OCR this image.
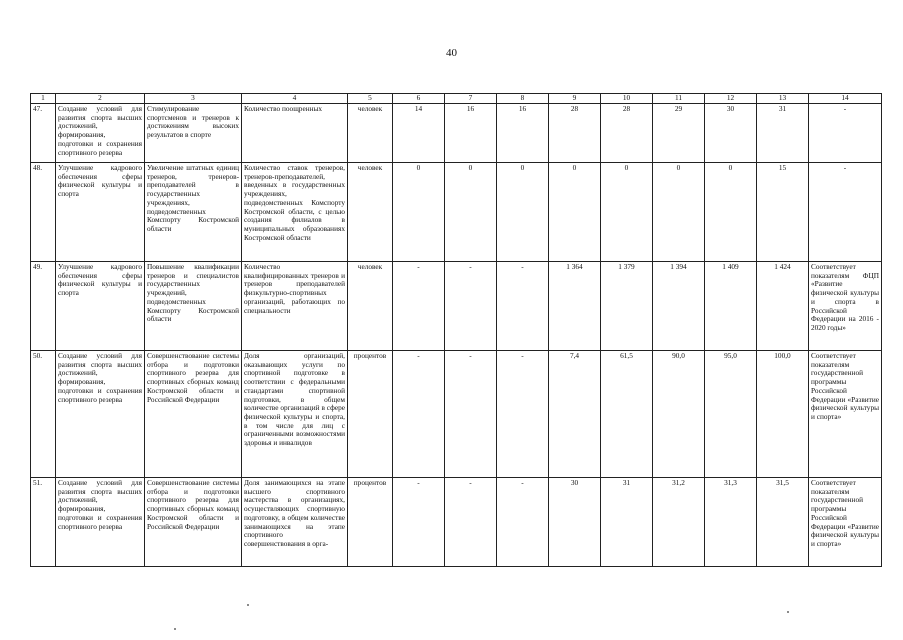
40
1	2	3	4	5	6	7	8	9	10	11	12	13	14
47.	Создание условий для развития спорта высших достижений, формирования, подготовки и сохранения спортивного резерва	Стимулирование спортсменов и тренеров к достижениям высоких результатов в спорте	Количество поощренных	человек	14	16	16	28	28	29	30	31	-
48.	Улучшение кадрового обеспечения сферы физической культуры и спорта	Увеличение штатных единиц тренеров, тренеров-преподавателей в государственных учреждениях, подведомственных Комспорту Костромской области	Количество ставок тренеров, тренеров-преподавателей, введенных в государственных учреждениях, подведомственных Комспорту Костромской области, с целью создания филиалов в муниципальных образованиях Костромской области	человек	0	0	0	0	0	0	0	15	-
49.	Улучшение кадрового обеспечения сферы физической культуры и спорта	Повышение квалификации тренеров и специалистов государственных учреждений, подведомственных Комспорту Костромской области	Количество квалифицированных тренеров и тренеров преподавателей физкультурно-спортивных организаций, работающих по специальности	человек	-	-	-	1 364	1 379	1 394	1 409	1 424	Соответствует показателям ФЦП «Развитие физической культуры и спорта в Российской Федерации на 2016 - 2020 годы»
50.	Создание условий для развития спорта высших достижений, формирования, подготовки и сохранения спортивного резерва	Совершенствование системы отбора и подготовки спортивного резерва для спортивных сборных команд Костромской области и Российской Федерации	Доля организаций, оказывающих услуги по спортивной подготовке в соответствии с федеральными стандартами спортивной подготовки, в общем количестве организаций в сфере физической культуры и спорта, в том числе для лиц с ограниченными возможностями здоровья и инвалидов	процентов	-	-	-	7,4	61,5	90,0	95,0	100,0	Соответствует показателям государственной программы Российской Федерации «Развитие физической культуры и спорта»
51.	Создание условий для развития спорта высших достижений, формирования, подготовки и сохранения спортивного резерва	Совершенствование системы отбора и подготовки спортивного резерва для спортивных сборных команд Костромской области и Российской Федерации	Доля занимающихся на этапе высшего спортивного мастерства в организациях, осуществляющих спортивную подготовку, в общем количестве занимающихся на этапе спортивного совершенствования в орга-	процентов	-	-	-	30	31	31,2	31,3	31,5	Соответствует показателям государственной программы Российской Федерации «Развитие физической культуры и спорта»
